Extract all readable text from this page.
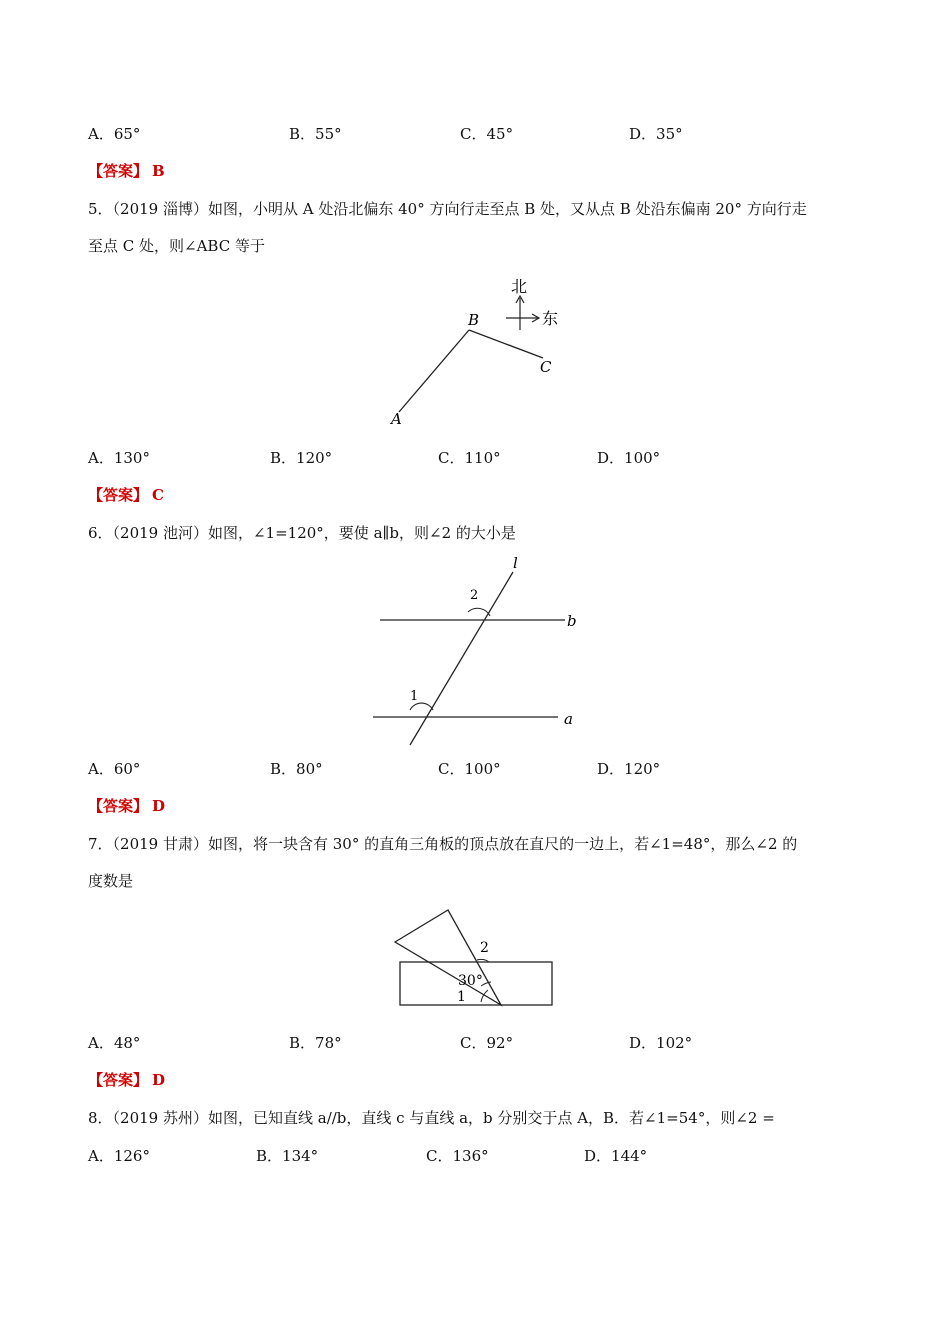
A．65°	B．55°	C．45°	D．35°
【答案】 B
5．（2019 淄博）如图，小明从 A 处沿北偏东 40° 方向行走至点 B 处，又从点 B 处沿东偏南 20° 方向行走
至点 C 处，则∠ABC 等于
北
东
A
B
C
A．130°	B．120°	C．110°	D．100°
【答案】 C
6．（2019 池河）如图，∠1=120°，要使 a∥b，则∠2 的大小是
l
b
a
1
2
A．60°	B．80°	C．100°	D．120°
【答案】 D
7．（2019 甘肃）如图，将一块含有 30° 的直角三角板的顶点放在直尺的一边上，若∠1=48°，那么∠2 的
度数是
30°
1
2
A．48°	B．78°	C．92°	D．102°
【答案】 D
8．（2019 苏州）如图，已知直线 a//b，直线 c 与直线 a，b 分别交于点 A，B．若∠1=54°，则∠2 =
A．126°	B．134°	C．136°	D．144°
